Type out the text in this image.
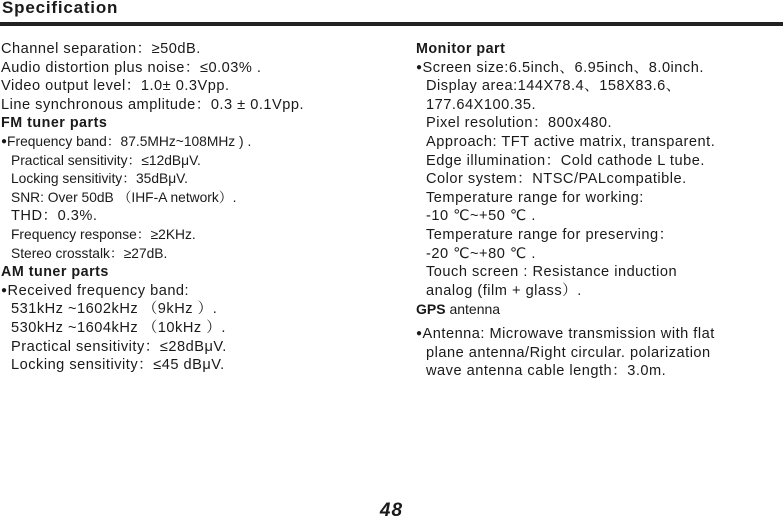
Specification
Channel separation：≥50dB.
Audio distortion plus noise：≤0.03% .
Video output level：1.0± 0.3Vpp.
Line synchronous amplitude：0.3 ± 0.1Vpp.
FM tuner parts
● Frequency band：87.5MHz~108MHz ) .
Practical sensitivity：≤12dBμV.
Locking sensitivity：35dBμV.
SNR: Over 50dB （IHF-A network）.
THD：0.3%.
Frequency response：≥2KHz.
Stereo crosstalk：≥27dB.
AM tuner parts
● Received frequency band:
531kHz ~1602kHz （9kHz ）.
530kHz ~1604kHz （10kHz ）.
Practical sensitivity：≤28dBμV.
Locking sensitivity：≤45 dBμV.
Monitor part
● Screen size:6.5inch、6.95inch、8.0inch.
Display area:144X78.4、158X83.6、
177.64X100.35.
Pixel resolution：800x480.
Approach: TFT active matrix, transparent.
Edge illumination：Cold cathode L tube.
Color system：NTSC/PALcompatible.
Temperature range for working:
-10 ℃~+50 ℃ .
Temperature range for preserving：
-20 ℃~+80 ℃ .
Touch screen : Resistance induction
analog (film + glass）.
GPS antenna
● Antenna: Microwave transmission with flat
plane antenna/Right circular. polarization
wave antenna cable length：3.0m.
48
